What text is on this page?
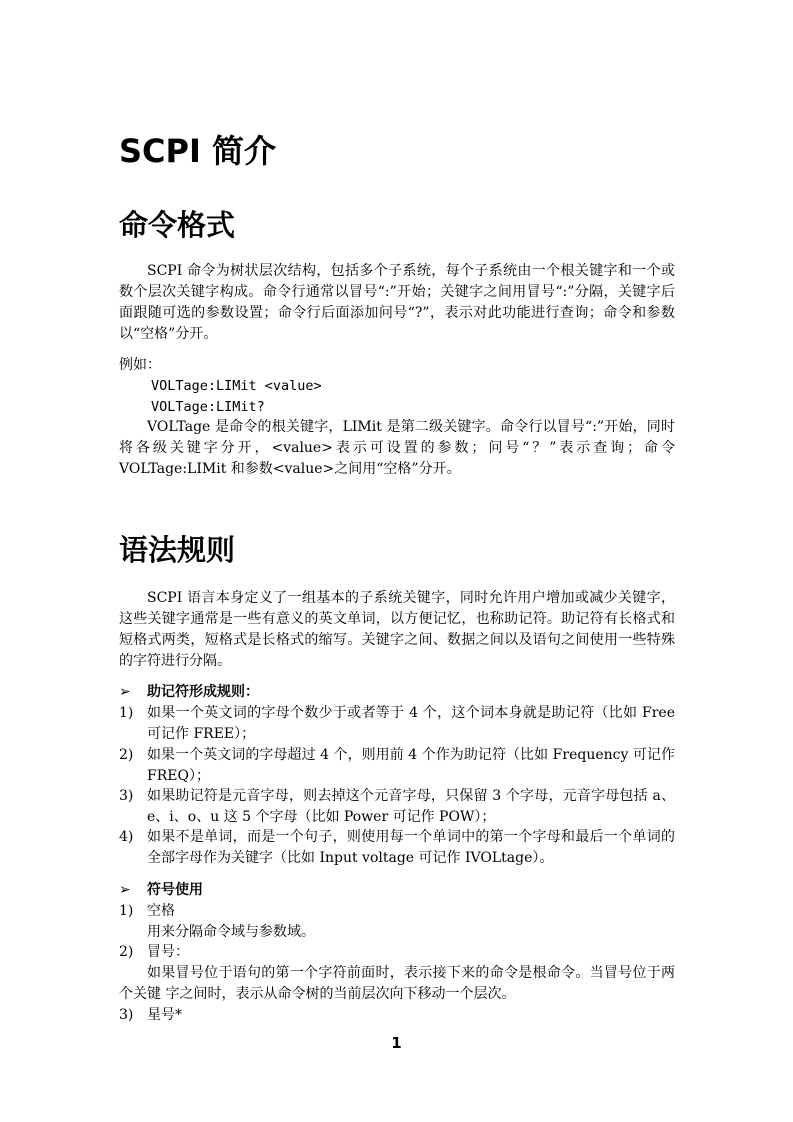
SCPI 简介
命令格式

SCPI 命令为树状层次结构，包括多个子系统，每个子系统由一个根关键字和一个或数个层次关键字构成。命令行通常以冒号“:”开始；关键字之间用冒号“:”分隔，关键字后面跟随可选的参数设置；命令行后面添加问号“?”，表示对此功能进行查询；命令和参数以“空格”分开。

例如：

VOLTage:LIMit <value>

VOLTage:LIMit?

VOLTage 是命令的根关键字，LIMit 是第二级关键字。命令行以冒号“:”开始，同时将各级关键字分开，<value>表示可设置的参数；问号“？”表示查询；命令 VOLTage:LIMit 和参数<value>之间用“空格”分开。

语法规则

SCPI 语言本身定义了一组基本的子系统关键字，同时允许用户增加或减少关键字，这些关键字通常是一些有意义的英文单词，以方便记忆，也称助记符。助记符有长格式和短格式两类，短格式是长格式的缩写。关键字之间、数据之间以及语句之间使用一些特殊的字符进行分隔。

➢ 助记符形成规则：

1) 如果一个英文词的字母个数少于或者等于 4 个，这个词本身就是助记符（比如 Free 可记作 FREE）；
2) 如果一个英文词的字母超过 4 个，则用前 4 个作为助记符（比如 Frequency 可记作 FREQ）；
3) 如果助记符是元音字母，则去掉这个元音字母，只保留 3 个字母，元音字母包括 a、e、i、o、u 这 5 个字母（比如 Power 可记作 POW）；
4) 如果不是单词，而是一个句子，则使用每一个单词中的第一个字母和最后一个单词的全部字母作为关键字（比如 Input voltage 可记作 IVOLtage）。

➢ 符号使用

1) 空格

用来分隔命令域与参数域。

2) 冒号：

如果冒号位于语句的第一个字符前面时，表示接下来的命令是根命令。当冒号位于两个关键 字之间时，表示从命令树的当前层次向下移动一个层次。

3) 星号*
1
